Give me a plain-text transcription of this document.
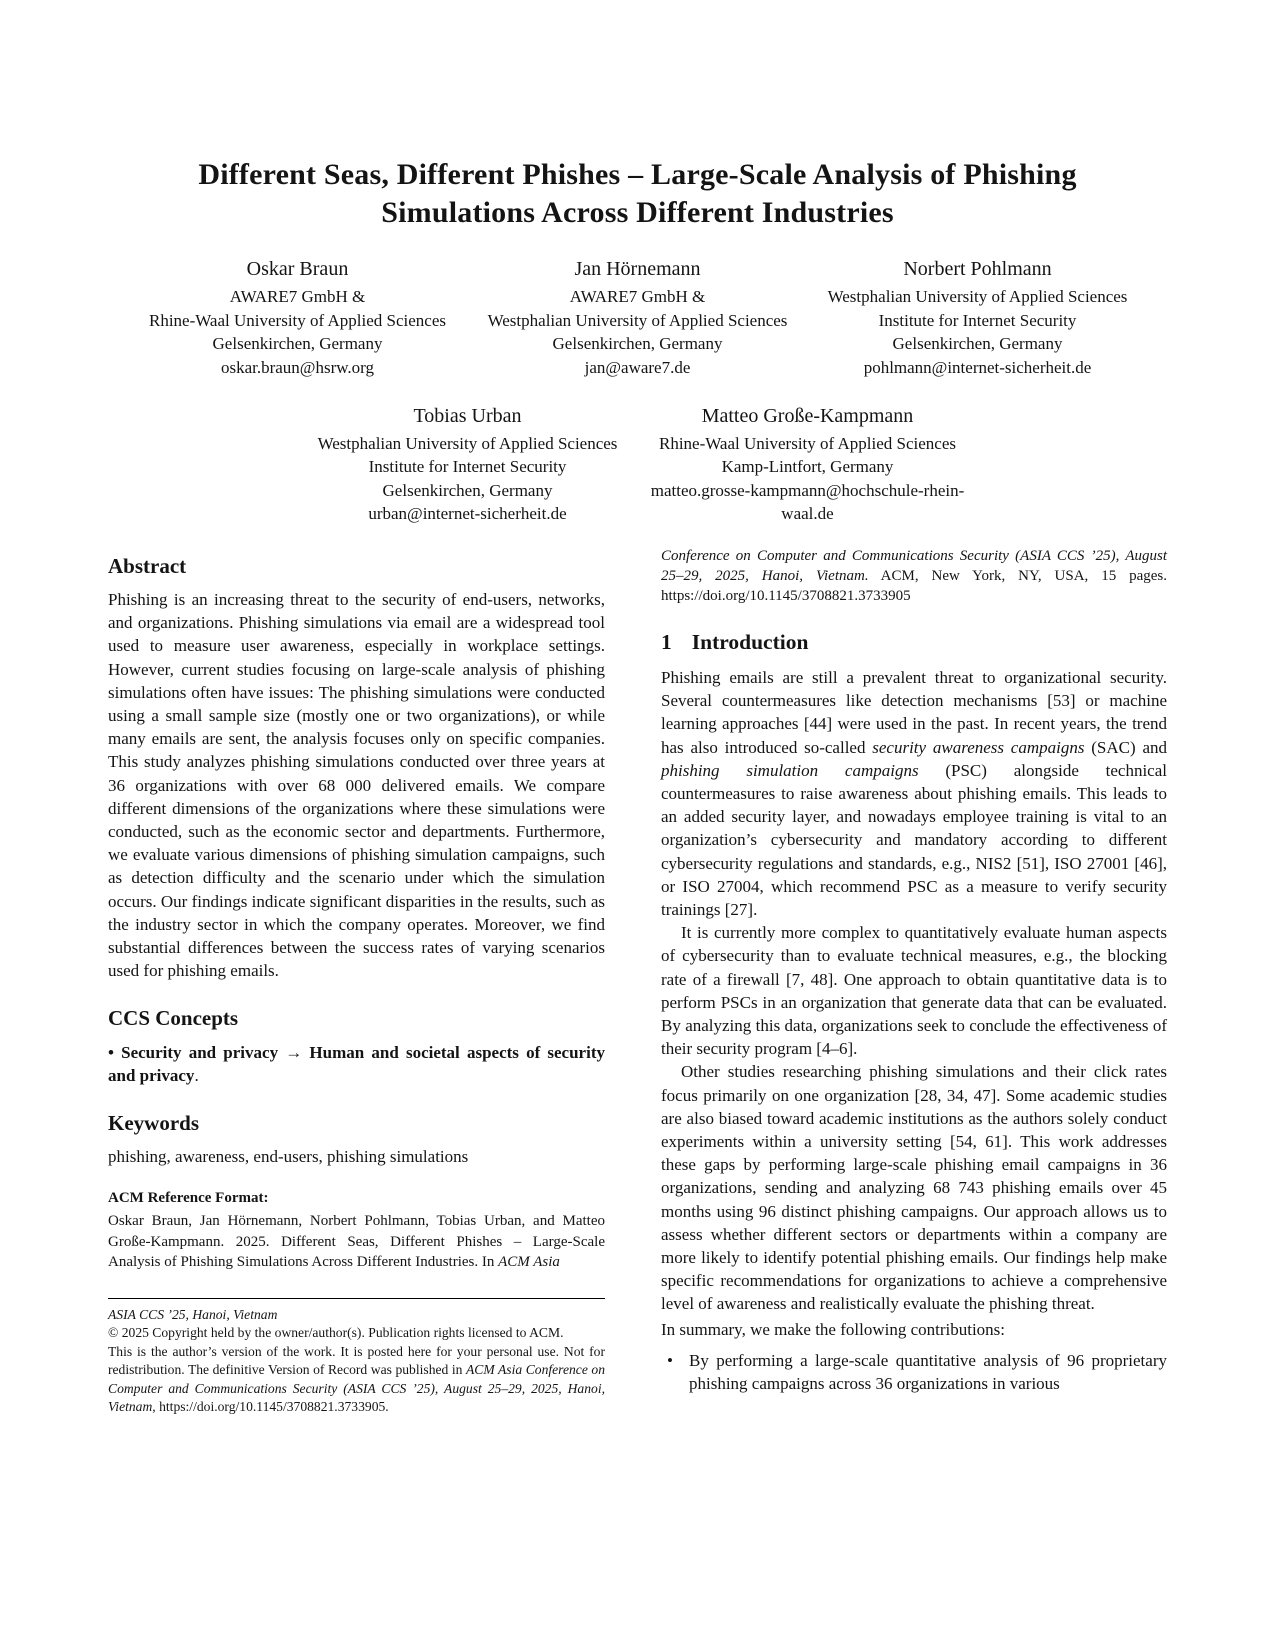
Different Seas, Different Phishes – Large-Scale Analysis of Phishing Simulations Across Different Industries
Oskar Braun
AWARE7 GmbH &
Rhine-Waal University of Applied Sciences
Gelsenkirchen, Germany
oskar.braun@hsrw.org
Jan Hörnemann
AWARE7 GmbH &
Westphalian University of Applied Sciences
Gelsenkirchen, Germany
jan@aware7.de
Norbert Pohlmann
Westphalian University of Applied Sciences
Institute for Internet Security
Gelsenkirchen, Germany
pohlmann@internet-sicherheit.de
Tobias Urban
Westphalian University of Applied Sciences
Institute for Internet Security
Gelsenkirchen, Germany
urban@internet-sicherheit.de
Matteo Große-Kampmann
Rhine-Waal University of Applied Sciences
Kamp-Lintfort, Germany
matteo.grosse-kampmann@hochschule-rhein-waal.de
Abstract

Phishing is an increasing threat to the security of end-users, networks, and organizations. Phishing simulations via email are a widespread tool used to measure user awareness, especially in workplace settings. However, current studies focusing on large-scale analysis of phishing simulations often have issues: The phishing simulations were conducted using a small sample size (mostly one or two organizations), or while many emails are sent, the analysis focuses only on specific companies. This study analyzes phishing simulations conducted over three years at 36 organizations with over 68 000 delivered emails. We compare different dimensions of the organizations where these simulations were conducted, such as the economic sector and departments. Furthermore, we evaluate various dimensions of phishing simulation campaigns, such as detection difficulty and the scenario under which the simulation occurs. Our findings indicate significant disparities in the results, such as the industry sector in which the company operates. Moreover, we find substantial differences between the success rates of varying scenarios used for phishing emails.

CCS Concepts

• Security and privacy → Human and societal aspects of security and privacy.

Keywords

phishing, awareness, end-users, phishing simulations

ACM Reference Format:

Oskar Braun, Jan Hörnemann, Norbert Pohlmann, Tobias Urban, and Matteo Große-Kampmann. 2025. Different Seas, Different Phishes – Large-Scale Analysis of Phishing Simulations Across Different Industries. In ACM Asia

ASIA CCS ’25, Hanoi, Vietnam
© 2025 Copyright held by the owner/author(s). Publication rights licensed to ACM.
This is the author’s version of the work. It is posted here for your personal use. Not for redistribution. The definitive Version of Record was published in ACM Asia Conference on Computer and Communications Security (ASIA CCS ’25), August 25–29, 2025, Hanoi, Vietnam, https://doi.org/10.1145/3708821.3733905.

Conference on Computer and Communications Security (ASIA CCS ’25), August 25–29, 2025, Hanoi, Vietnam. ACM, New York, NY, USA, 15 pages. https://doi.org/10.1145/3708821.3733905

1 Introduction

Phishing emails are still a prevalent threat to organizational security. Several countermeasures like detection mechanisms [53] or machine learning approaches [44] were used in the past. In recent years, the trend has also introduced so-called security awareness campaigns (SAC) and phishing simulation campaigns (PSC) alongside technical countermeasures to raise awareness about phishing emails. This leads to an added security layer, and nowadays employee training is vital to an organization’s cybersecurity and mandatory according to different cybersecurity regulations and standards, e.g., NIS2 [51], ISO 27001 [46], or ISO 27004, which recommend PSC as a measure to verify security trainings [27].

It is currently more complex to quantitatively evaluate human aspects of cybersecurity than to evaluate technical measures, e.g., the blocking rate of a firewall [7, 48]. One approach to obtain quantitative data is to perform PSCs in an organization that generate data that can be evaluated. By analyzing this data, organizations seek to conclude the effectiveness of their security program [4–6].

Other studies researching phishing simulations and their click rates focus primarily on one organization [28, 34, 47]. Some academic studies are also biased toward academic institutions as the authors solely conduct experiments within a university setting [54, 61]. This work addresses these gaps by performing large-scale phishing email campaigns in 36 organizations, sending and analyzing 68 743 phishing emails over 45 months using 96 distinct phishing campaigns. Our approach allows us to assess whether different sectors or departments within a company are more likely to identify potential phishing emails. Our findings help make specific recommendations for organizations to achieve a comprehensive level of awareness and realistically evaluate the phishing threat.

In summary, we make the following contributions:

• By performing a large-scale quantitative analysis of 96 proprietary phishing campaigns across 36 organizations in various
